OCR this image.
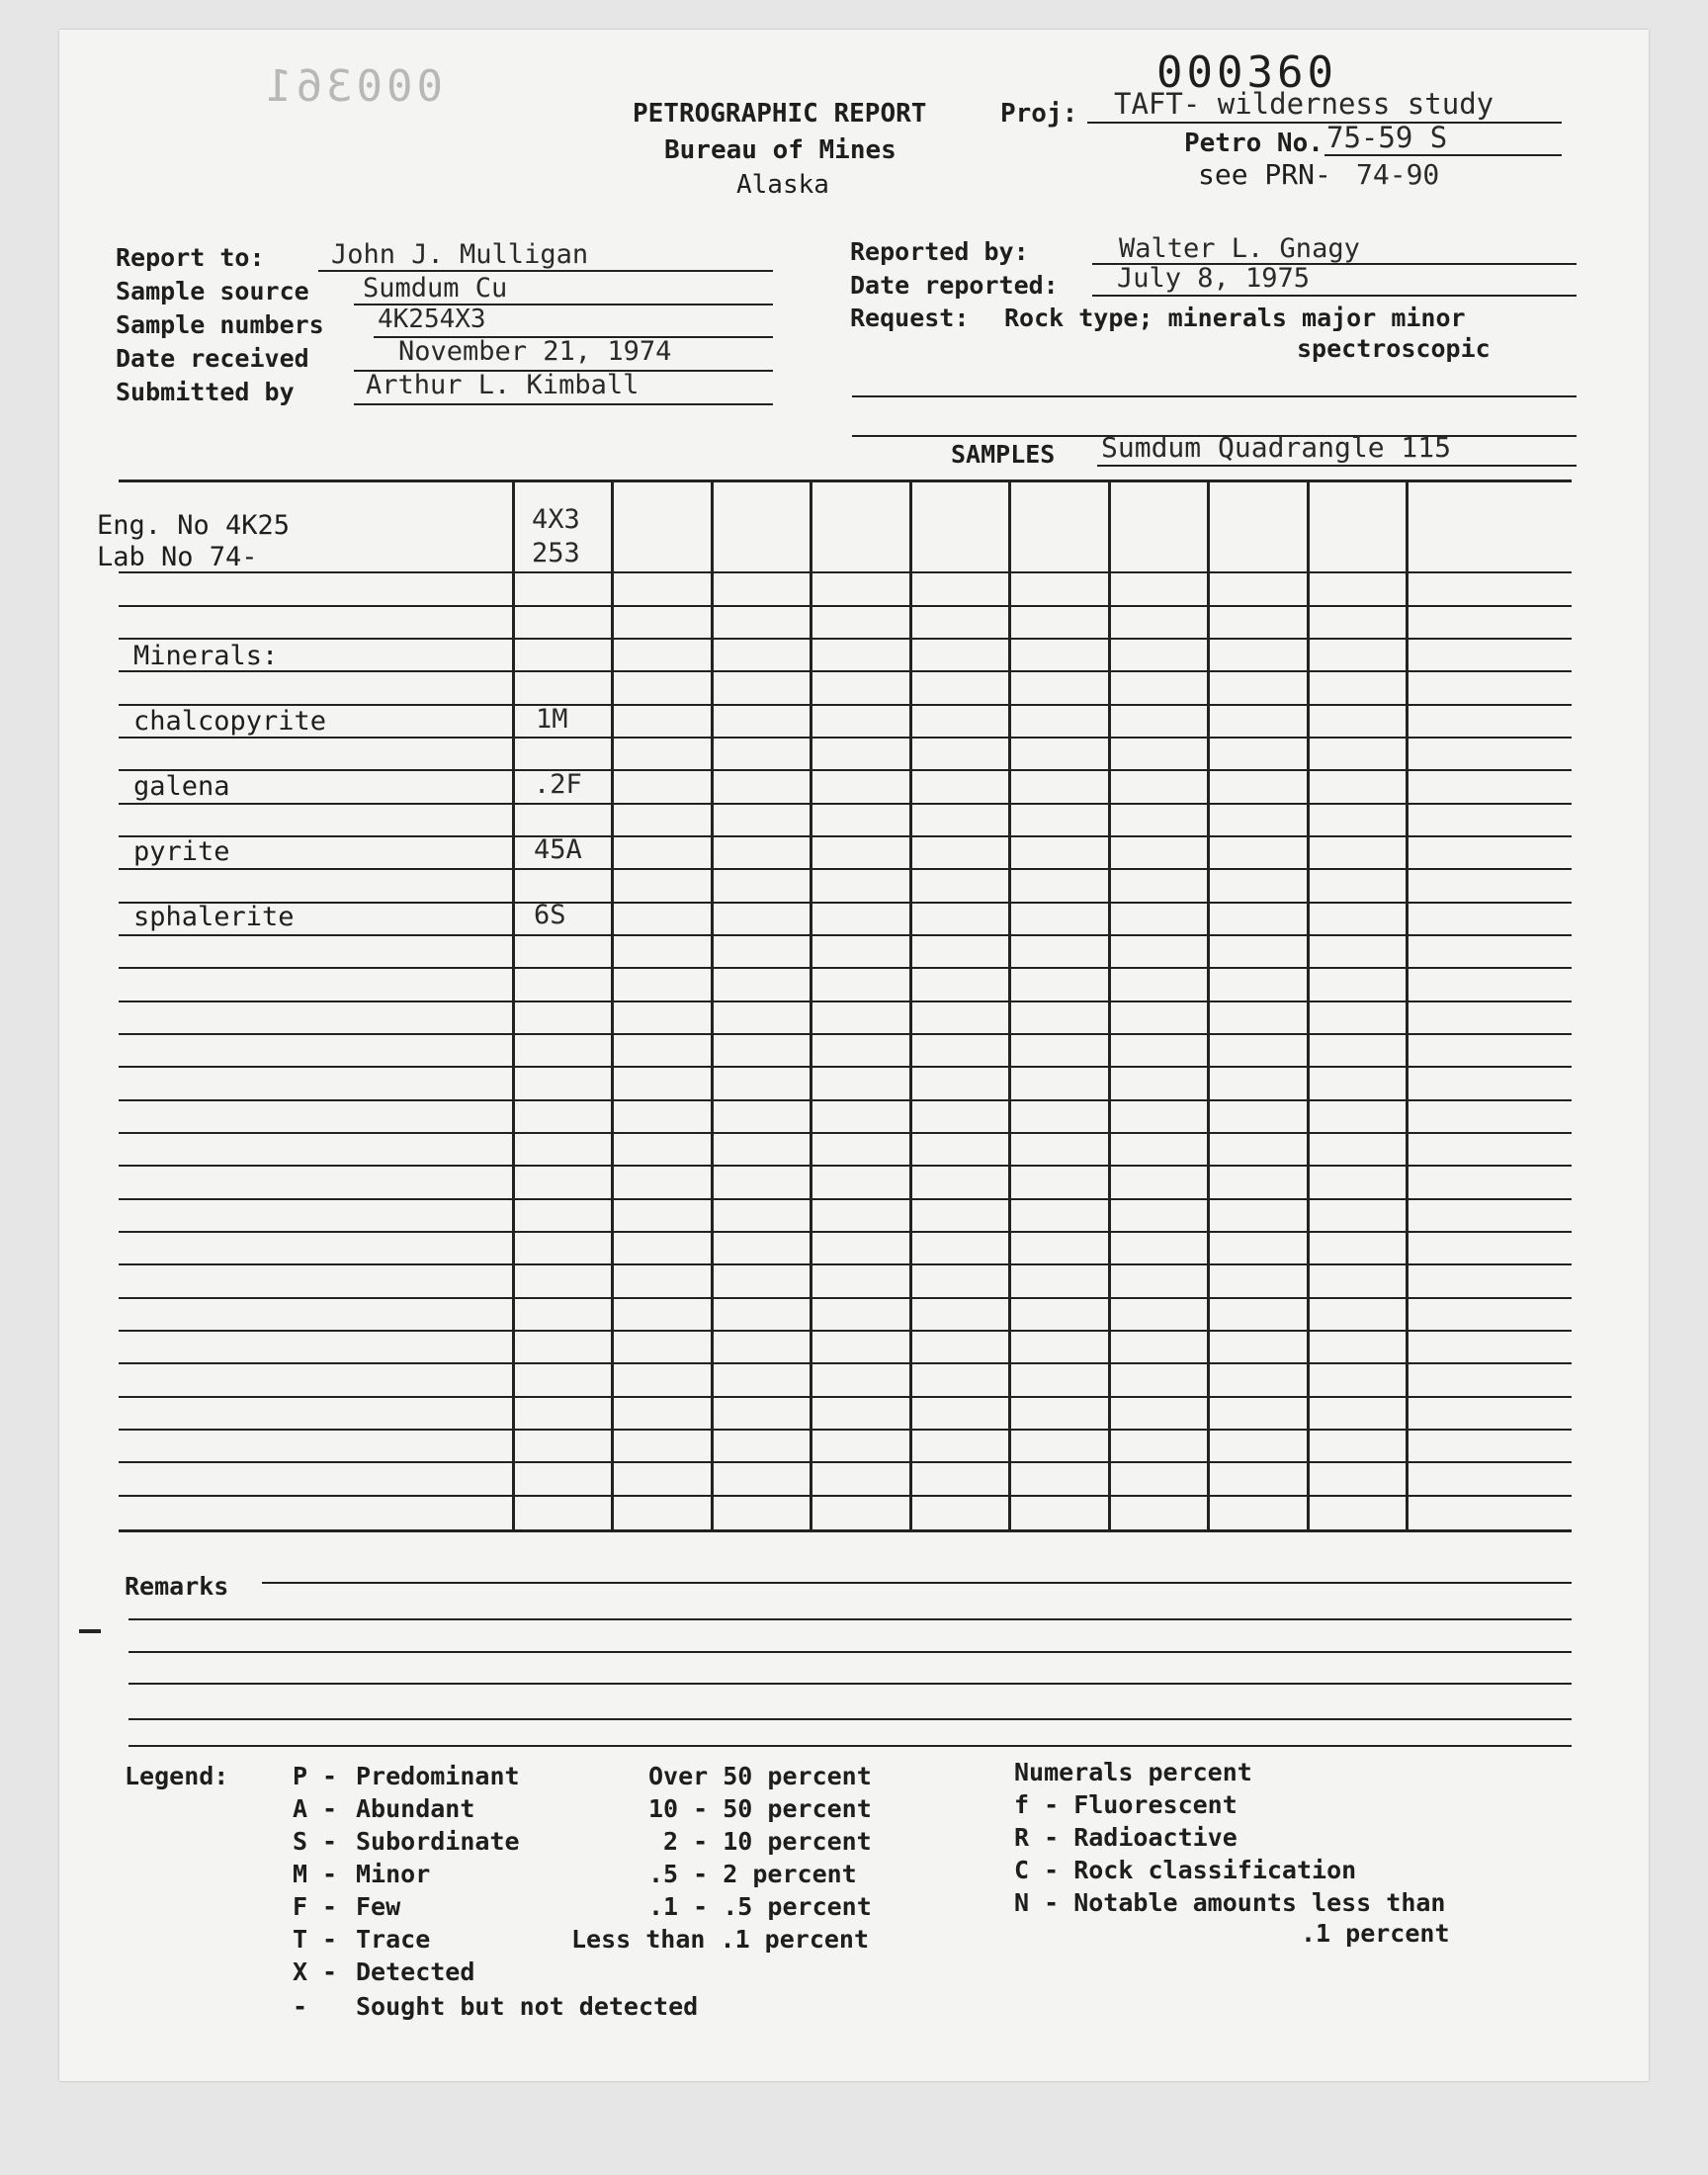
000360
000361
PETROGRAPHIC REPORT
Bureau of Mines
Alaska
Proj: TAFT- wilderness study
Petro No. 75-59 S
see PRN- 74-90
Report to: John J. Mulligan
Sample source Sumdum Cu
Sample numbers 4K254X3
Date received	November 21, 1974
Submitted by	Arthur L. Kimball
Reported by:	Walter L. Gnagy
Date reported: July 8, 1975
Request: Rock type; minerals major minor
spectroscopic
SAMPLES Sumdum Quadrangle 115
Eng. No 4K25	4X3
Lab No 74-	253
Minerals:
chalcopyrite	1M
galena	.2F
pyrite	45A
sphalerite	6S
Remarks
Legend:	P - Predominant	Over 50 percent
A - Abundant	10 - 50 percent
S - Subordinate	2 - 10 percent
M - Minor	.5 - 2 percent
F - Few	.1 - .5 percent
T - Trace	Less than .1 percent
X - Detected
- Sought but not detected
Numerals percent
f - Fluorescent
R - Radioactive
C - Rock classification
N - Notable amounts less than
.1 percent
